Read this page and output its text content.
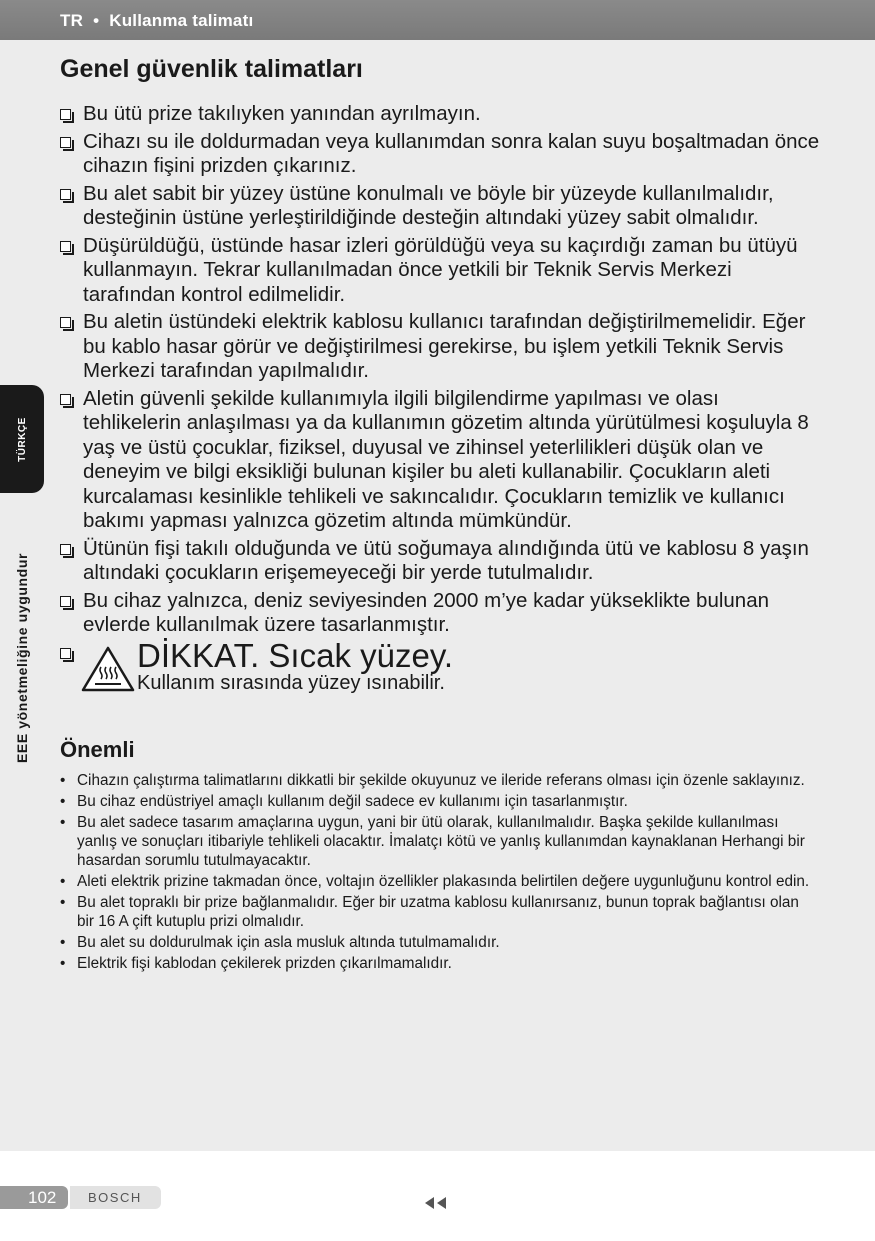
TR • Kullanma talimatı
TÜRKÇE
EEE yönetmeliğine uygundur
Genel güvenlik talimatları
Bu ütü prize takılıyken yanından ayrılmayın.
Cihazı su ile doldurmadan veya kullanımdan sonra kalan suyu boşaltmadan önce cihazın fişini prizden çıkarınız.
Bu alet sabit bir yüzey üstüne konulmalı ve böyle bir yüzeyde kullanılmalıdır, desteğinin üstüne yerleştirildiğinde desteğin altındaki yüzey sabit olmalıdır.
Düşürüldüğü, üstünde hasar izleri görüldüğü veya su kaçırdığı zaman bu ütüyü kullanmayın. Tekrar kullanılmadan önce yetkili bir Teknik Servis Merkezi tarafından kontrol edilmelidir.
Bu aletin üstündeki elektrik kablosu kullanıcı tarafından değiştirilmemelidir. Eğer bu kablo hasar görür ve değiştirilmesi gerekirse, bu işlem yetkili Teknik Servis Merkezi tarafından yapılmalıdır.
Aletin güvenli şekilde kullanımıyla ilgili bilgilendirme yapılması ve olası tehlikelerin anlaşılması ya da kullanımın gözetim altında yürütülmesi koşuluyla 8 yaş ve üstü çocuklar, fiziksel, duyusal ve zihinsel yeterlilikleri düşük olan ve deneyim ve bilgi eksikliği bulunan kişiler bu aleti kullanabilir. Çocukların aleti kurcalaması kesinlikle tehlikeli ve sakıncalıdır. Çocukların temizlik ve kullanıcı bakımı yapması yalnızca gözetim altında mümkündür.
Ütünün fişi takılı olduğunda ve ütü soğumaya alındığında ütü ve kablosu 8 yaşın altındaki çocukların erişemeyeceği bir yerde tutulmalıdır.
Bu cihaz yalnızca, deniz seviyesinden 2000 m’ye kadar yükseklikte bulunan evlerde kullanılmak üzere tasarlanmıştır.
DİKKAT. Sıcak yüzey.
Kullanım sırasında yüzey ısınabilir.
Önemli
• Cihazın çalıştırma talimatlarını dikkatli bir şekilde okuyunuz ve ileride referans olması için özenle saklayınız.
• Bu cihaz endüstriyel amaçlı kullanım değil sadece ev kullanımı için tasarlanmıştır.
• Bu alet sadece tasarım amaçlarına uygun, yani bir ütü olarak, kullanılmalıdır. Başka şekilde kullanılması yanlış ve sonuçları itibariyle tehlikeli olacaktır. İmalatçı kötü ve yanlış kullanımdan kaynaklanan Herhangi bir hasardan sorumlu tutulmayacaktır.
• Aleti elektrik prizine takmadan önce, voltajın özellikler plakasında belirtilen değere uygunluğunu kontrol edin.
• Bu alet topraklı bir prize bağlanmalıdır. Eğer bir uzatma kablosu kullanırsanız, bunun toprak bağlantısı olan bir 16 A çift kutuplu prizi olmalıdır.
• Bu alet su doldurulmak için asla musluk altında tutulmamalıdır.
• Elektrik fişi kablodan çekilerek prizden çıkarılmamalıdır.
102	BOSCH
